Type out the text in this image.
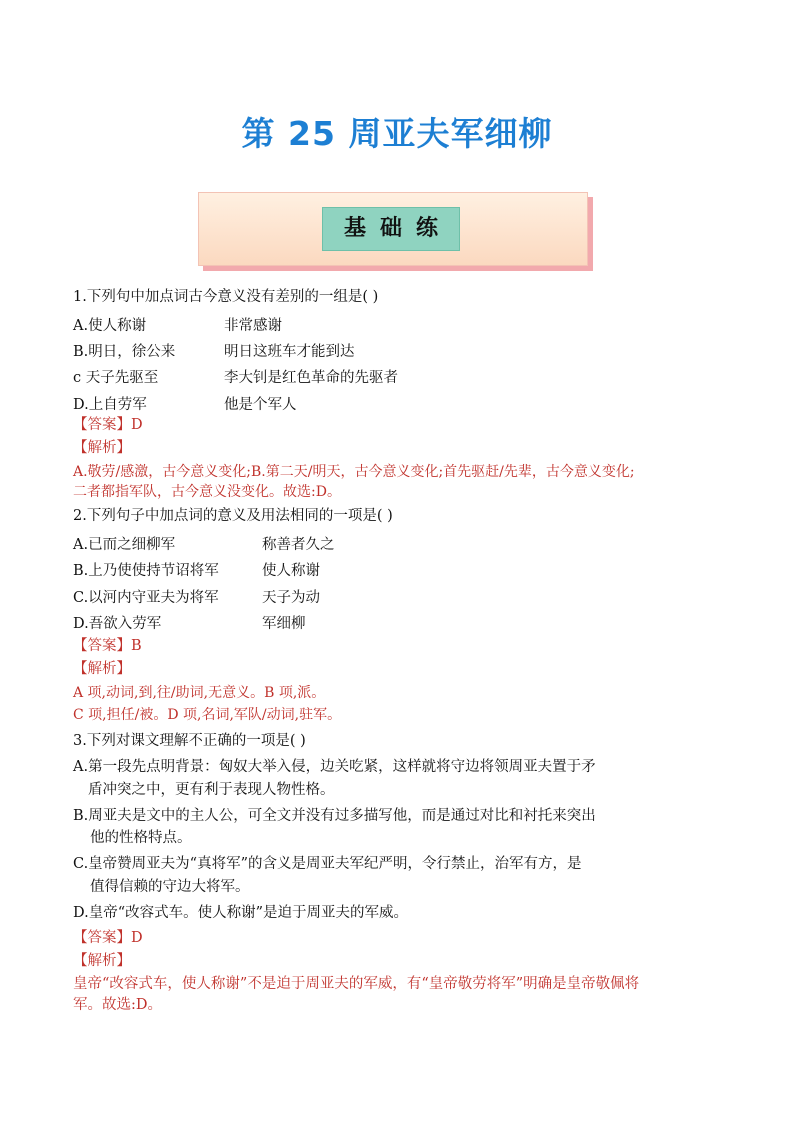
第 25 周亚夫军细柳
基础练
1.下列句中加点词古今意义没有差别的一组是( )
A.使人称谢	非常感谢
B.明日，徐公来	明日这班车才能到达
c 天子先驱至	李大钊是红色革命的先驱者
D.上自劳军	他是个军人
【答案】D
【解析】
A.敬劳/感激，古今意义变化;B.第二天/明天，古今意义变化;首先驱赶/先辈，古今意义变化;
二者都指军队，古今意义没变化。故选:D。
2.下列句子中加点词的意义及用法相同的一项是( )
A.已而之细柳军	称善者久之
B.上乃使使持节诏将军	使人称谢
C.以河内守亚夫为将军	天子为动
D.吾欲入劳军	军细柳
【答案】B
【解析】
A 项,动词,到,往/助词,无意义。B 项,派。
C 项,担任/被。D 项,名词,军队/动词,驻军。
3.下列对课文理解不正确的一项是( )
A.第一段先点明背景：匈奴大举入侵，边关吃紧，这样就将守边将领周亚夫置于矛
盾冲突之中，更有利于表现人物性格。
B.周亚夫是文中的主人公，可全文并没有过多描写他，而是通过对比和衬托来突出
他的性格特点。
C.皇帝赞周亚夫为“真将军”的含义是周亚夫军纪严明，令行禁止，治军有方，是
值得信赖的守边大将军。
D.皇帝“改容式车。使人称谢”是迫于周亚夫的军威。
【答案】D
【解析】
皇帝“改容式车，使人称谢”不是迫于周亚夫的军威，有“皇帝敬劳将军”明确是皇帝敬佩将
军。故选:D。
